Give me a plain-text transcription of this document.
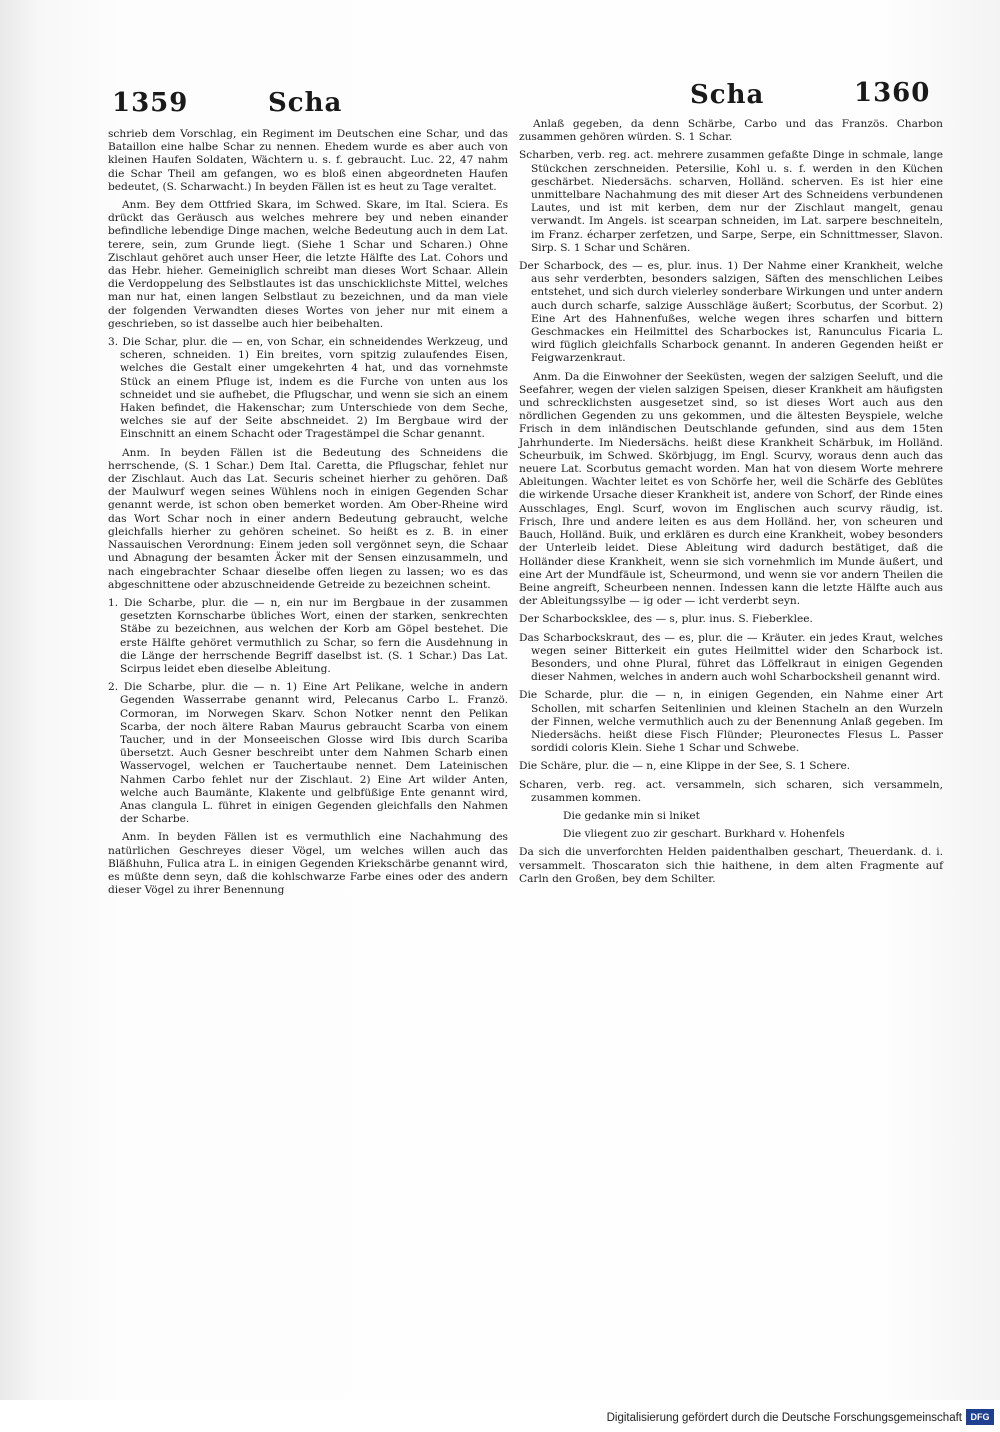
1359	Scha	Scha	1360

schrieb dem Vorschlag, ein Regiment im Deutschen eine Schar, und das Bataillon eine halbe Schar zu nennen. Ehedem wurde es aber auch von kleinen Haufen Soldaten, Wächtern u. s. f. gebraucht. Luc. 22, 47 nahm die Schar Theil am gefangen, wo es bloß einen abgeordneten Haufen bedeutet, (S. Scharwacht.) In beyden Fällen ist es heut zu Tage veraltet.

Anm. Bey dem Ottfried Skara, im Schwed. Skare, im Ital. Sciera. Es drückt das Geräusch aus welches mehrere bey und neben einander befindliche lebendige Dinge machen, welche Bedeutung auch in dem Lat. terere, sein, zum Grunde liegt. (Siehe 1 Schar und Scharen.) Ohne Zischlaut gehöret auch unser Heer, die letzte Hälfte des Lat. Cohors und das Hebr. hieher. Gemeiniglich schreibt man dieses Wort Schaar. Allein die Verdoppelung des Selbstlautes ist das unschicklichste Mittel, welches man nur hat, einen langen Selbstlaut zu bezeichnen, und da man viele der folgenden Verwandten dieses Wortes von jeher nur mit einem a geschrieben, so ist dasselbe auch hier beibehalten.

3. Die Schar, plur. die — en, von Schar, ein schneidendes Werkzeug, und scheren, schneiden. 1) Ein breites, vorn spitzig zulaufendes Eisen, welches die Gestalt einer umgekehrten 4 hat, und das vornehmste Stück an einem Pfluge ist, indem es die Furche von unten aus los schneidet und sie aufhebet, die Pflugschar, und wenn sie sich an einem Haken befindet, die Hakenschar; zum Unterschiede von dem Seche, welches sie auf der Seite abschneidet. 2) Im Bergbaue wird der Einschnitt an einem Schacht oder Tragestämpel die Schar genannt.

Anm. In beyden Fällen ist die Bedeutung des Schneidens die herrschende, (S. 1 Schar.) Dem Ital. Caretta, die Pflugschar, fehlet nur der Zischlaut. Auch das Lat. Securis scheinet hierher zu gehören. Daß der Maulwurf wegen seines Wühlens noch in einigen Gegenden Schar genannt werde, ist schon oben bemerket worden. Am Ober-Rheine wird das Wort Schar noch in einer andern Bedeutung gebraucht, welche gleichfalls hierher zu gehören scheinet. So heißt es z. B. in einer Nassauischen Verordnung: Einem jeden soll vergönnet seyn, die Schaar und Abnagung der besamten Äcker mit der Sensen einzusammeln, und nach eingebrachter Schaar dieselbe offen liegen zu lassen; wo es das abgeschnittene oder abzuschneidende Getreide zu bezeichnen scheint.

1. Die Scharbe, plur. die — n, ein nur im Bergbaue in der zusammen gesetzten Kornscharbe übliches Wort, einen der starken, senkrechten Stäbe zu bezeichnen, aus welchen der Korb am Göpel bestehet. Die erste Hälfte gehöret vermuthlich zu Schar, so fern die Ausdehnung in die Länge der herrschende Begriff daselbst ist. (S. 1 Schar.) Das Lat. Scirpus leidet eben dieselbe Ableitung.

2. Die Scharbe, plur. die — n. 1) Eine Art Pelikane, welche in andern Gegenden Wasserrabe genannt wird, Pelecanus Carbo L. Franzö. Cormoran, im Norwegen Skarv. Schon Notker nennt den Pelikan Scarba, der noch ältere Raban Maurus gebraucht Scarba von einem Taucher, und in der Monseeischen Glosse wird Ibis durch Scariba übersetzt. Auch Gesner beschreibt unter dem Nahmen Scharb einen Wasservogel, welchen er Tauchertaube nennet. Dem Lateinischen Nahmen Carbo fehlet nur der Zischlaut. 2) Eine Art wilder Anten, welche auch Baumänte, Klakente und gelbfüßige Ente genannt wird, Anas clangula L. führet in einigen Gegenden gleichfalls den Nahmen der Scharbe.

Anm. In beyden Fällen ist es vermuthlich eine Nachahmung des natürlichen Geschreyes dieser Vögel, um welches willen auch das Bläßhuhn, Fulica atra L. in einigen Gegenden Kriekschärbe genannt wird, es müßte denn seyn, daß die kohlschwarze Farbe eines oder des andern dieser Vögel zu ihrer Benennung

Anlaß gegeben, da denn Schärbe, Carbo und das Französ. Charbon zusammen gehören würden. S. 1 Schar.

Scharben, verb. reg. act. mehrere zusammen gefaßte Dinge in schmale, lange Stückchen zerschneiden. Petersilie, Kohl u. s. f. werden in den Küchen geschärbet. Niedersächs. scharven, Holländ. scherven. Es ist hier eine unmittelbare Nachahmung des mit dieser Art des Schneidens verbundenen Lautes, und ist mit kerben, dem nur der Zischlaut mangelt, genau verwandt. Im Angels. ist scearpan schneiden, im Lat. sarpere beschneiteln, im Franz. écharper zerfetzen, und Sarpe, Serpe, ein Schnittmesser, Slavon. Sirp. S. 1 Schar und Schären.

Der Scharbock, des — es, plur. inus. 1) Der Nahme einer Krankheit, welche aus sehr verderbten, besonders salzigen, Säften des menschlichen Leibes entstehet, und sich durch vielerley sonderbare Wirkungen und unter andern auch durch scharfe, salzige Ausschläge äußert; Scorbutus, der Scorbut. 2) Eine Art des Hahnenfußes, welche wegen ihres scharfen und bittern Geschmackes ein Heilmittel des Scharbockes ist, Ranunculus Ficaria L. wird füglich gleichfalls Scharbock genannt. In anderen Gegenden heißt er Feigwarzenkraut.

Anm. Da die Einwohner der Seeküsten, wegen der salzigen Seeluft, und die Seefahrer, wegen der vielen salzigen Speisen, dieser Krankheit am häufigsten und schrecklichsten ausgesetzet sind, so ist dieses Wort auch aus den nördlichen Gegenden zu uns gekommen, und die ältesten Beyspiele, welche Frisch in dem inländischen Deutschlande gefunden, sind aus dem 15ten Jahrhunderte. Im Niedersächs. heißt diese Krankheit Schärbuk, im Holländ. Scheurbuik, im Schwed. Skörbjugg, im Engl. Scurvy, woraus denn auch das neuere Lat. Scorbutus gemacht worden. Man hat von diesem Worte mehrere Ableitungen. Wachter leitet es von Schörfe her, weil die Schärfe des Geblütes die wirkende Ursache dieser Krankheit ist, andere von Schorf, der Rinde eines Ausschlages, Engl. Scurf, wovon im Englischen auch scurvy räudig, ist. Frisch, Ihre und andere leiten es aus dem Holländ. her, von scheuren und Bauch, Holländ. Buik, und erklären es durch eine Krankheit, wobey besonders der Unterleib leidet. Diese Ableitung wird dadurch bestätiget, daß die Holländer diese Krankheit, wenn sie sich vornehmlich im Munde äußert, und eine Art der Mundfäule ist, Scheurmond, und wenn sie vor andern Theilen die Beine angreift, Scheurbeen nennen. Indessen kann die letzte Hälfte auch aus der Ableitungssylbe — ig oder — icht verderbt seyn.

Der Scharbocksklee, des — s, plur. inus. S. Fieberklee.

Das Scharbockskraut, des — es, plur. die — Kräuter. ein jedes Kraut, welches wegen seiner Bitterkeit ein gutes Heilmittel wider den Scharbock ist. Besonders, und ohne Plural, führet das Löffelkraut in einigen Gegenden dieser Nahmen, welches in andern auch wohl Scharbocksheil genannt wird.

Die Scharde, plur. die — n, in einigen Gegenden, ein Nahme einer Art Schollen, mit scharfen Seitenlinien und kleinen Stacheln an den Wurzeln der Finnen, welche vermuthlich auch zu der Benennung Anlaß gegeben. Im Niedersächs. heißt diese Fisch Flünder; Pleuronectes Flesus L. Passer sordidi coloris Klein. Siehe 1 Schar und Schwebe.

Die Schäre, plur. die — n, eine Klippe in der See, S. 1 Schere.

Scharen, verb. reg. act. versammeln, sich scharen, sich versammeln, zusammen kommen.

Die gedanke min si lniket

Die vliegent zuo zir geschart. Burkhard v. Hohenfels

Da sich die unverforchten Helden paidenthalben geschart, Theuerdank. d. i. versammelt. Thoscaraton sich thie haithene, in dem alten Fragmente auf Carln den Großen, bey dem Schilter.

Digitalisierung gefördert durch die Deutsche Forschungsgemeinschaft DFG
